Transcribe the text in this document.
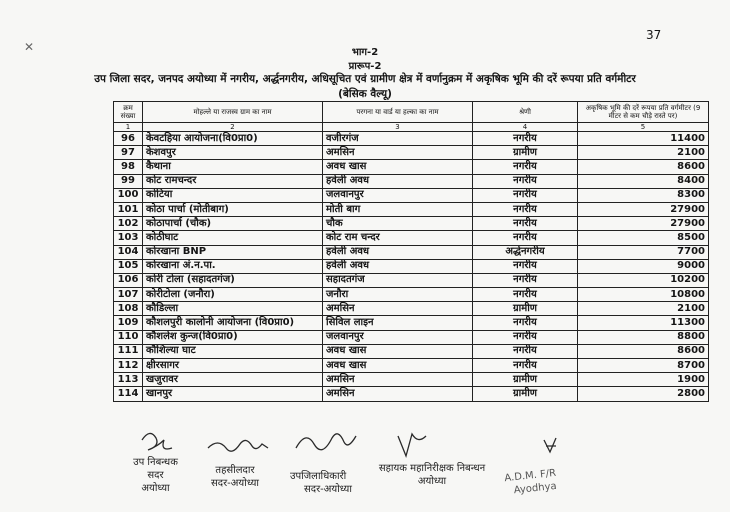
37
✕	भाग-2
प्रारूप-2
उप जिला सदर, जनपद अयोध्या में नगरीय, अर्द्धनगरीय, अधिसूचित एवं ग्रामीण क्षेत्र में वर्णानुक्रम में अकृषिक भूमि की दरें रूपया प्रति वर्गमीटर
(बेसिक वैल्यू)
क्रम संख्या	मोहल्ले या राजस्व ग्राम का नाम	परगना या वार्ड या हल्का का नाम	श्रेणी	अकृषिक भूमि की दरें रूपया प्रति वर्गमीटर (9 मीटर से कम चौड़े रास्ते पर)
1	2	3	4	5
96	केवटहिया आयोजना(वि0प्रा0)	वजीरगंज	नगरीय	11400
97	केशवपुर	अमसिन	ग्रामीण	2100
98	कैथाना	अवध खास	नगरीय	8600
99	कोट रामचन्दर	हवेली अवध	नगरीय	8400
100	कोटिया	जलवानपुर	नगरीय	8300
101	कोठा पार्चा (मोतीबाग)	मोती बाग	नगरीय	27900
102	कोठापार्चा (चौक)	चौक	नगरीय	27900
103	कोठीघाट	कोट राम चन्दर	नगरीय	8500
104	कोरखाना BNP	हवेली अवध	अर्द्धनगरीय	7700
105	कोरखाना अं.न.पा.	हवेली अवध	नगरीय	9000
106	कोरी टोला (सहादतगंज)	सहादतगंज	नगरीय	10200
107	कोरीटोला (जनौरा)	जनौरा	नगरीय	10800
108	कौडिल्ला	अमसिन	ग्रामीण	2100
109	कौशलपुरी कालोनी आयोजना (वि0प्रा0)	सिविल लाइन	नगरीय	11300
110	कौशलेश कुन्ज(वि0प्रा0)	जलवानपुर	नगरीय	8800
111	कौशिल्या घाट	अवध खास	नगरीय	8600
112	क्षीरसागर	अवध खास	नगरीय	8700
113	खजुरावर	अमसिन	ग्रामीण	1900
114	खानपुर	अमसिन	ग्रामीण	2800
उप निबन्धक
सदर
अयोध्या
तहसीलदार
सदर-अयोध्या
उपजिलाधिकारी
सदर-अयोध्या
सहायक महानिरीक्षक निबन्धन
अयोध्या	A.D.M. F/R
Ayodhya
